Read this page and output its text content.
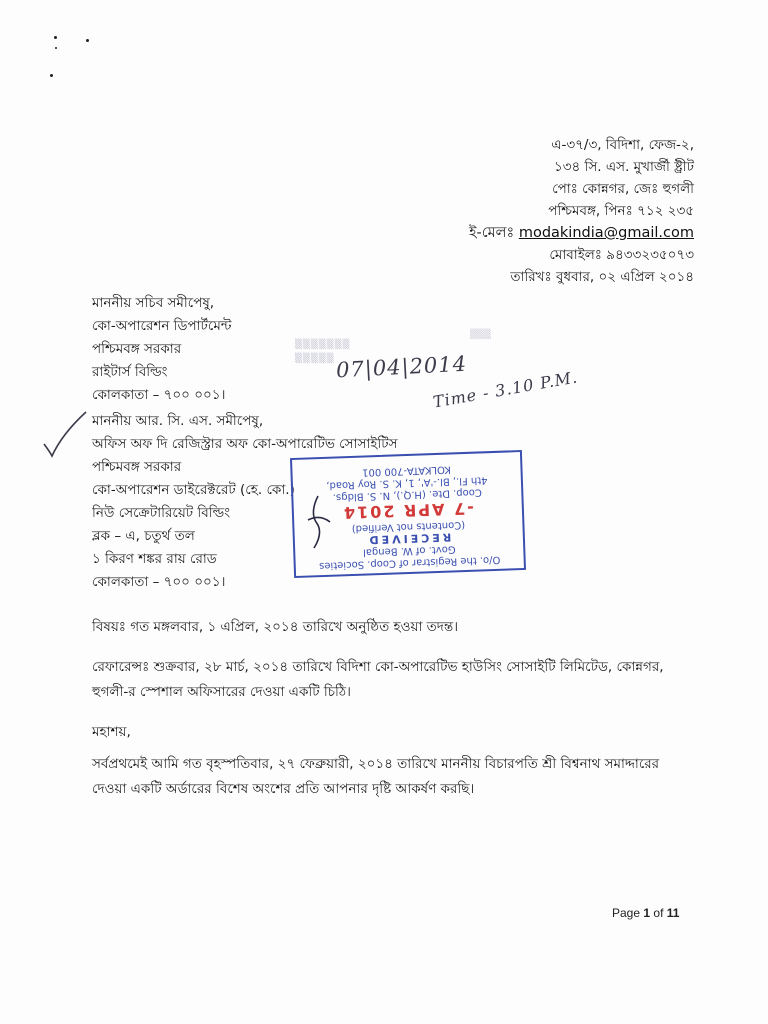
এ-৩৭/৩, বিদিশা, ফেজ-২,
১৩৪ সি. এস. মুখার্জী ষ্ট্রীট
পোঃ কোন্নগর, জেঃ হুগলী
পশ্চিমবঙ্গ, পিনঃ ৭১২ ২৩৫
ই-মেলঃ modakindia@gmail.com
মোবাইলঃ ৯৪৩৩২৩৫০৭৩
তারিখঃ বুধবার, ০২ এপ্রিল ২০১৪
মাননীয় সচিব সমীপেষু,
কো-অপারেশন ডিপার্টমেন্ট
পশ্চিমবঙ্গ সরকার
রাইটার্স বিল্ডিং
কোলকাতা – ৭০০ ০০১।
▒▒▒▒▒▒▒
▒▒▒▒▒
▒▒▒
07|04|2014
Time - 3.10 P.M.
মাননীয় আর. সি. এস. সমীপেষু,
অফিস অফ দি রেজিস্ট্রার অফ কো-অপারেটিভ সোসাইটিস
পশ্চিমবঙ্গ সরকার
কো-অপারেশন ডাইরেক্টরেট (হে. কো.)
নিউ সেক্রেটারিয়েট বিল্ডিং
ব্লক – এ, চতুর্থ তল
১ কিরণ শঙ্কর রায় রোড
কোলকাতা – ৭০০ ০০১।
O/o. the Registrar of Coop. Societies
Govt. of W. Bengal
RECEIVED
(Contents not Verified)
-7 APR 2014
Coop. Dte. (H.Q.), N. S. Bldgs.
4th Fl., Bl.-'A', 1, K. S. Roy Road,
KOLKATA-700 001
বিষয়ঃ গত মঙ্গলবার, ১ এপ্রিল, ২০১৪ তারিখে অনুষ্ঠিত হওয়া তদন্ত।
রেফারেন্সঃ শুক্রবার, ২৮ মার্চ, ২০১৪ তারিখে বিদিশা কো-অপারেটিভ হাউসিং সোসাইটি লিমিটেড, কোন্নগর, হুগলী-র স্পেশাল অফিসারের দেওয়া একটি চিঠি।
মহাশয়,
সর্বপ্রথমেই আমি গত বৃহস্পতিবার, ২৭ ফেব্রুয়ারী, ২০১৪ তারিখে মাননীয় বিচারপতি শ্রী বিশ্বনাথ সমাদ্দারের দেওয়া একটি অর্ডারের বিশেষ অংশের প্রতি আপনার দৃষ্টি আকর্ষণ করছি।
Page 1 of 11
